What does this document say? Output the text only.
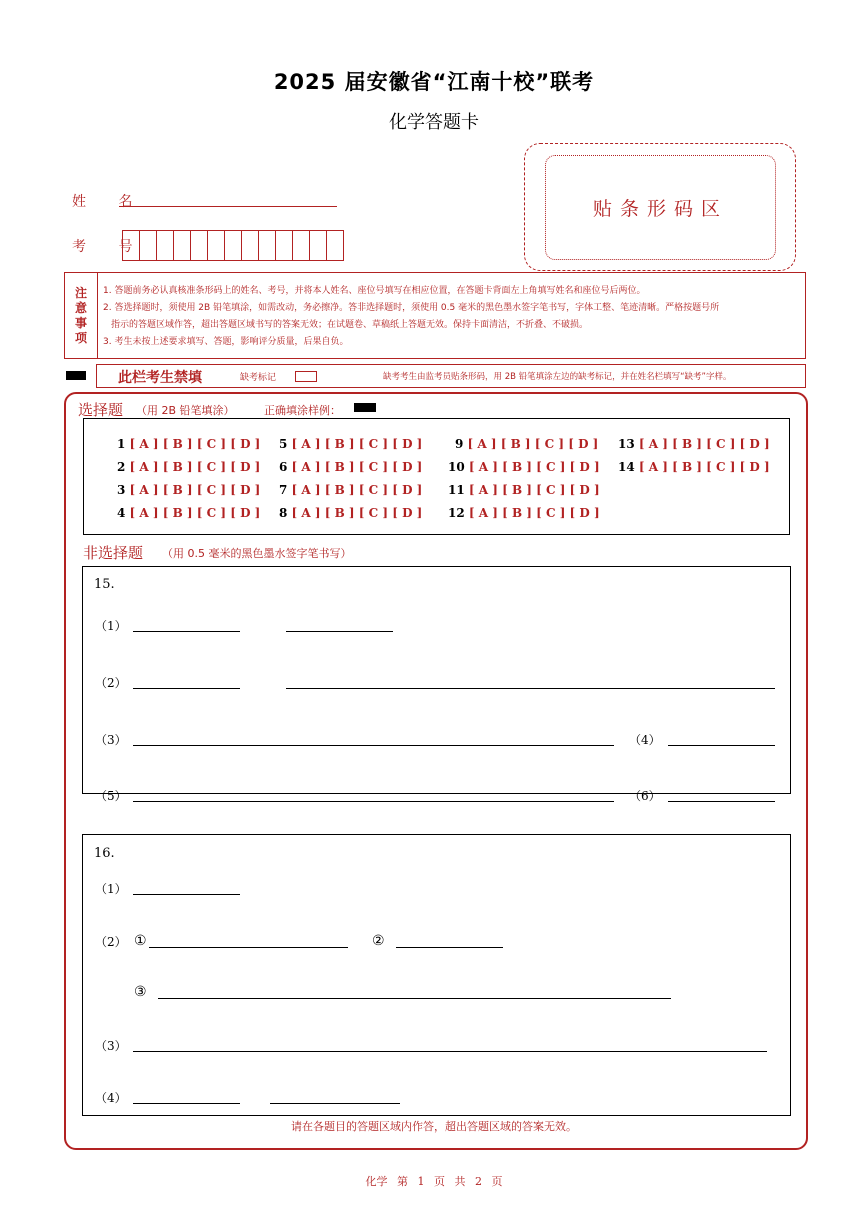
2025 届安徽省“江南十校”联考
化学答题卡
贴条形码区
姓 名
考 号
注
意
事
项
1. 答题前务必认真核准条形码上的姓名、考号，并将本人姓名、座位号填写在相应位置，在答题卡背面左上角填写姓名和座位号后两位。
2. 答选择题时，须使用 2B 铅笔填涂，如需改动，务必擦净。答非选择题时，须使用 0.5 毫米的黑色墨水签字笔书写，字体工整、笔迹清晰。严格按题号所
指示的答题区域作答，超出答题区域书写的答案无效；在试题卷、草稿纸上答题无效。保持卡面清洁，不折叠、不破损。
3. 考生未按上述要求填写、答题，影响评分质量，后果自负。
此栏考生禁填	缺考标记	缺考考生由监考员贴条形码，用 2B 铅笔填涂左边的缺考标记，并在姓名栏填写“缺考”字样。
选择题 （用 2B 铅笔填涂）	正确填涂样例：
1 [ A ] [ B ] [ C ] [ D ]
2 [ A ] [ B ] [ C ] [ D ]
3 [ A ] [ B ] [ C ] [ D ]
4 [ A ] [ B ] [ C ] [ D ]
5 [ A ] [ B ] [ C ] [ D ]
6 [ A ] [ B ] [ C ] [ D ]
7 [ A ] [ B ] [ C ] [ D ]
8 [ A ] [ B ] [ C ] [ D ]
9 [ A ] [ B ] [ C ] [ D ]
10 [ A ] [ B ] [ C ] [ D ]
11 [ A ] [ B ] [ C ] [ D ]
12 [ A ] [ B ] [ C ] [ D ]
13 [ A ] [ B ] [ C ] [ D ]
14 [ A ] [ B ] [ C ] [ D ]
非选择题 （用 0.5 毫米的黑色墨水签字笔书写）
15.
（1）
（2）
（3）	（4）
（5）	（6）
16.
（1）
（2） ①	②
③
（3）
（4）
请在各题目的答题区域内作答，超出答题区域的答案无效。
化学 第 1 页 共 2 页
